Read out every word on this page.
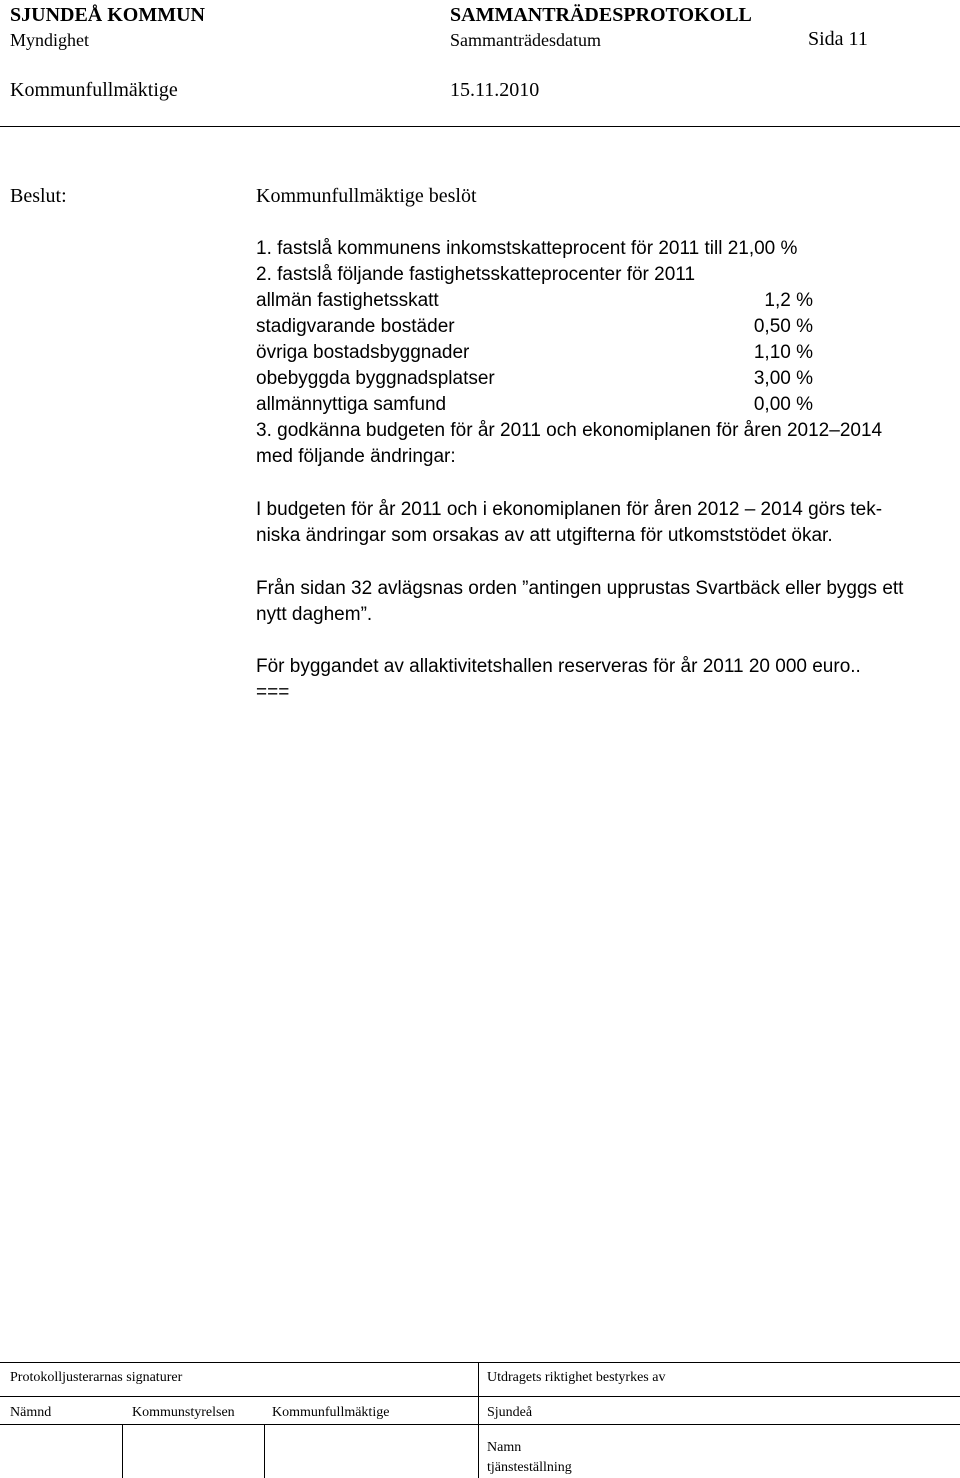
SJUNDEÅ KOMMUN	SAMMANTRÄDESPROTOKOLL
Myndighet	Sammanträdesdatum	Sida 11
Kommunfullmäktige	15.11.2010
Beslut:	Kommunfullmäktige beslöt
1. fastslå kommunens inkomstskatteprocent för 2011 till 21,00 %
2. fastslå följande fastighetsskatteprocenter för 2011
allmän fastighetsskatt	1,2 %
stadigvarande bostäder	0,50 %
övriga bostadsbyggnader	1,10 %
obebyggda byggnadsplatser	3,00 %
allmännyttiga samfund	0,00 %
3. godkänna budgeten för år 2011 och ekonomiplanen för åren 2012–2014
med följande ändringar:
I budgeten för år 2011 och i ekonomiplanen för åren 2012 – 2014 görs tek-
niska ändringar som orsakas av att utgifterna för utkomststödet ökar.
Från sidan 32 avlägsnas orden ”antingen upprustas Svartbäck eller byggs ett
nytt daghem”.
För byggandet av allaktivitetshallen reserveras för år 2011 20 000 euro..
===
Protokolljusterarnas signaturer	Utdragets riktighet bestyrkes av
Nämnd	Kommunstyrelsen	Kommunfullmäktige	Sjundeå
Namn
tjänsteställning
